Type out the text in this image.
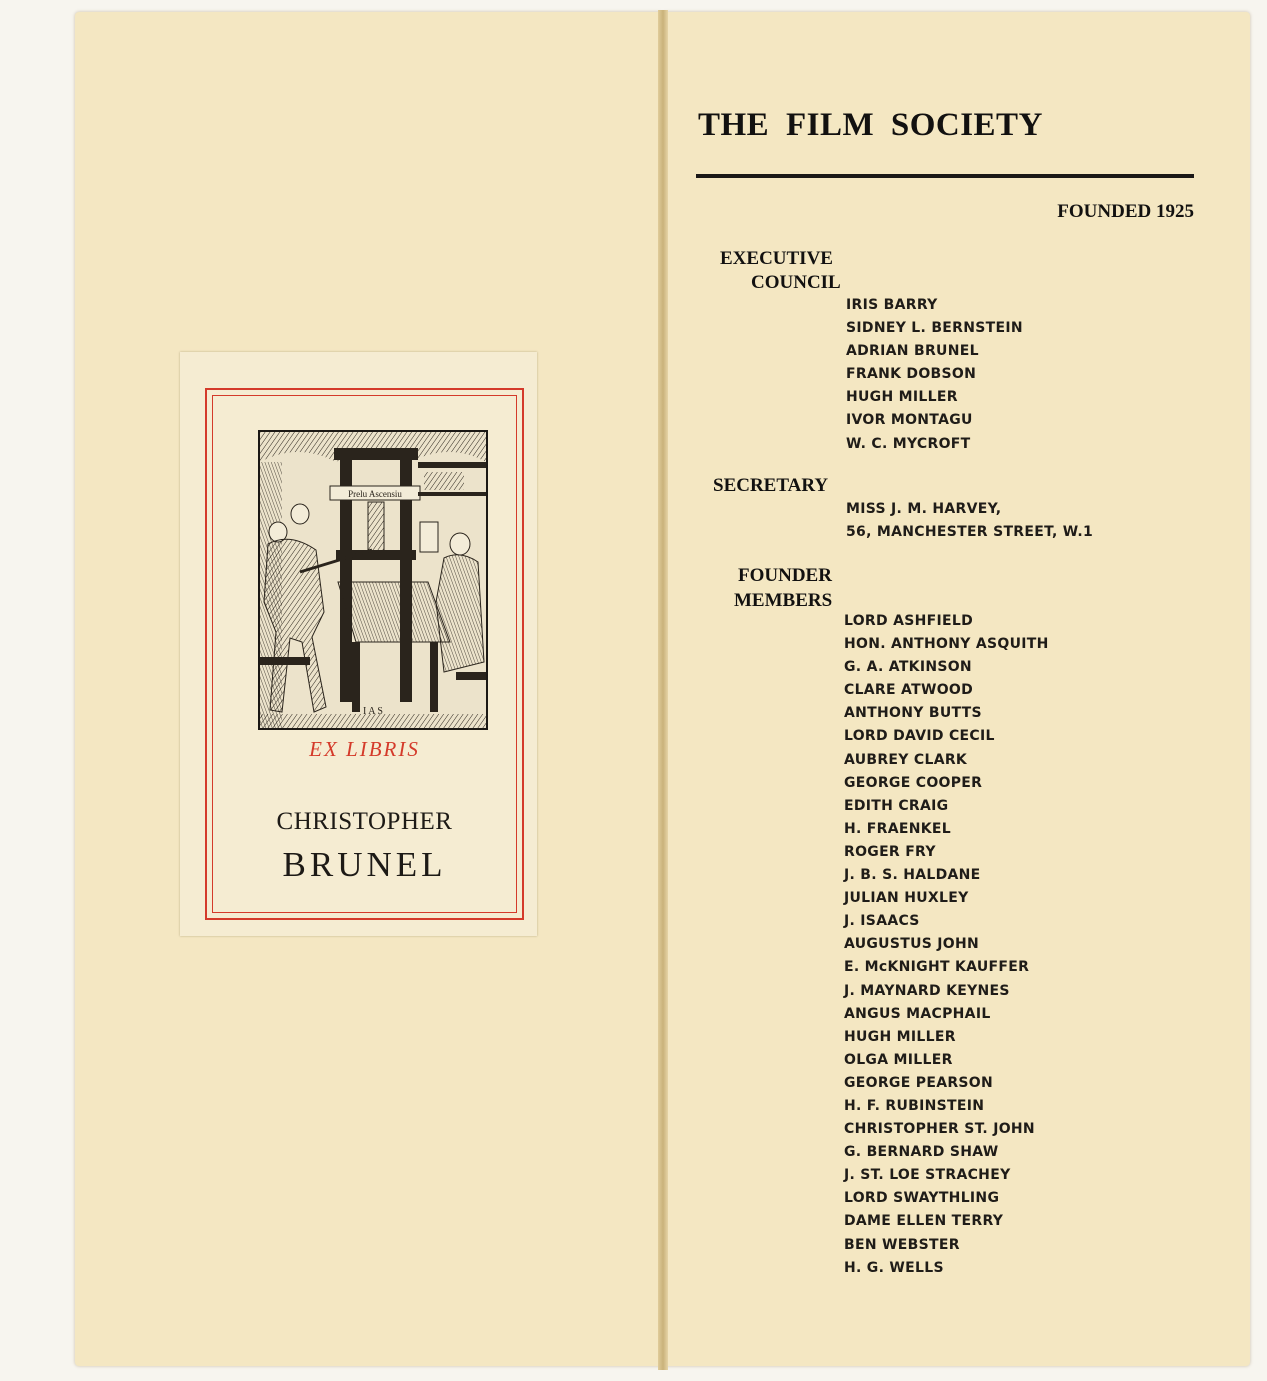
Prelu Ascensiu
I A S
EX LIBRIS
CHRISTOPHER
BRUNEL
THE FILM SOCIETY
FOUNDED 1925
EXECUTIVE
COUNCIL
IRIS BARRY
SIDNEY L. BERNSTEIN
ADRIAN BRUNEL
FRANK DOBSON
HUGH MILLER
IVOR MONTAGU
W. C. MYCROFT
SECRETARY
MISS J. M. HARVEY,
56, MANCHESTER STREET, W.1
FOUNDER
MEMBERS
LORD ASHFIELD
HON. ANTHONY ASQUITH
G. A. ATKINSON
CLARE ATWOOD
ANTHONY BUTTS
LORD DAVID CECIL
AUBREY CLARK
GEORGE COOPER
EDITH CRAIG
H. FRAENKEL
ROGER FRY
J. B. S. HALDANE
JULIAN HUXLEY
J. ISAACS
AUGUSTUS JOHN
E. McKNIGHT KAUFFER
J. MAYNARD KEYNES
ANGUS MACPHAIL
HUGH MILLER
OLGA MILLER
GEORGE PEARSON
H. F. RUBINSTEIN
CHRISTOPHER ST. JOHN
G. BERNARD SHAW
J. ST. LOE STRACHEY
LORD SWAYTHLING
DAME ELLEN TERRY
BEN WEBSTER
H. G. WELLS
